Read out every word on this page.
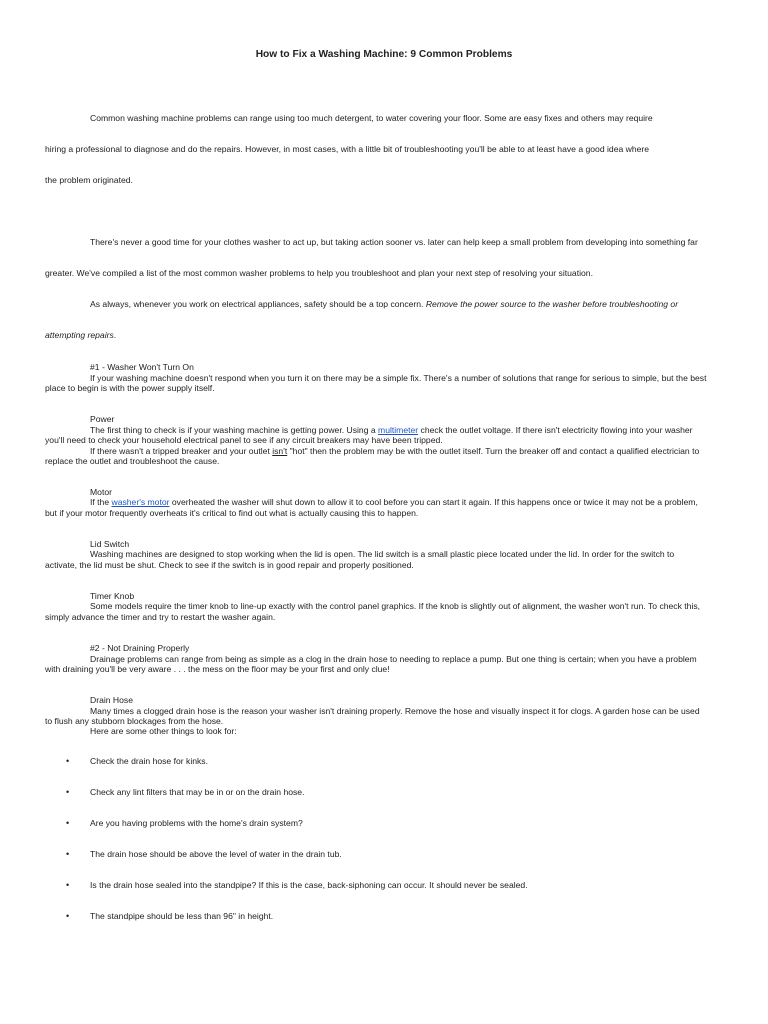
How to Fix a Washing Machine: 9 Common Problems
Common washing machine problems can range using too much detergent, to water covering your floor. Some are easy fixes and others may require
hiring a professional to diagnose and do the repairs. However, in most cases, with a little bit of troubleshooting you'll be able to at least have a good idea where
the problem originated.
There's never a good time for your clothes washer to act up, but taking action sooner vs. later can help keep a small problem from developing into something far
greater. We've compiled a list of the most common washer problems to help you troubleshoot and plan your next step of resolving your situation.
As always, whenever you work on electrical appliances, safety should be a top concern. Remove the power source to the washer before troubleshooting or
attempting repairs.
#1 - Washer Won't Turn On
If your washing machine doesn't respond when you turn it on there may be a simple fix. There's a number of solutions that range for serious to simple, but the best
place to begin is with the power supply itself.
Power
The first thing to check is if your washing machine is getting power. Using a multimeter check the outlet voltage. If there isn't electricity flowing into your washer
you'll need to check your household electrical panel to see if any circuit breakers may have been tripped.
If there wasn't a tripped breaker and your outlet isn't "hot" then the problem may be with the outlet itself. Turn the breaker off and contact a qualified electrician to
replace the outlet and troubleshoot the cause.
Motor
If the washer's motor overheated the washer will shut down to allow it to cool before you can start it again. If this happens once or twice it may not be a problem,
but if your motor frequently overheats it's critical to find out what is actually causing this to happen.
Lid Switch
Washing machines are designed to stop working when the lid is open. The lid switch is a small plastic piece located under the lid. In order for the switch to
activate, the lid must be shut. Check to see if the switch is in good repair and properly positioned.
Timer Knob
Some models require the timer knob to line-up exactly with the control panel graphics. If the knob is slightly out of alignment, the washer won't run. To check this,
simply advance the timer and try to restart the washer again.
#2 - Not Draining Properly
Drainage problems can range from being as simple as a clog in the drain hose to needing to replace a pump. But one thing is certain; when you have a problem
with draining you'll be very aware . . . the mess on the floor may be your first and only clue!
Drain Hose
Many times a clogged drain hose is the reason your washer isn't draining properly. Remove the hose and visually inspect it for clogs. A garden hose can be used
to flush any stubborn blockages from the hose.
Here are some other things to look for:
• Check the drain hose for kinks.
• Check any lint filters that may be in or on the drain hose.
• Are you having problems with the home's drain system?
• The drain hose should be above the level of water in the drain tub.
• Is the drain hose sealed into the standpipe? If this is the case, back-siphoning can occur. It should never be sealed.
• The standpipe should be less than 96" in height.
